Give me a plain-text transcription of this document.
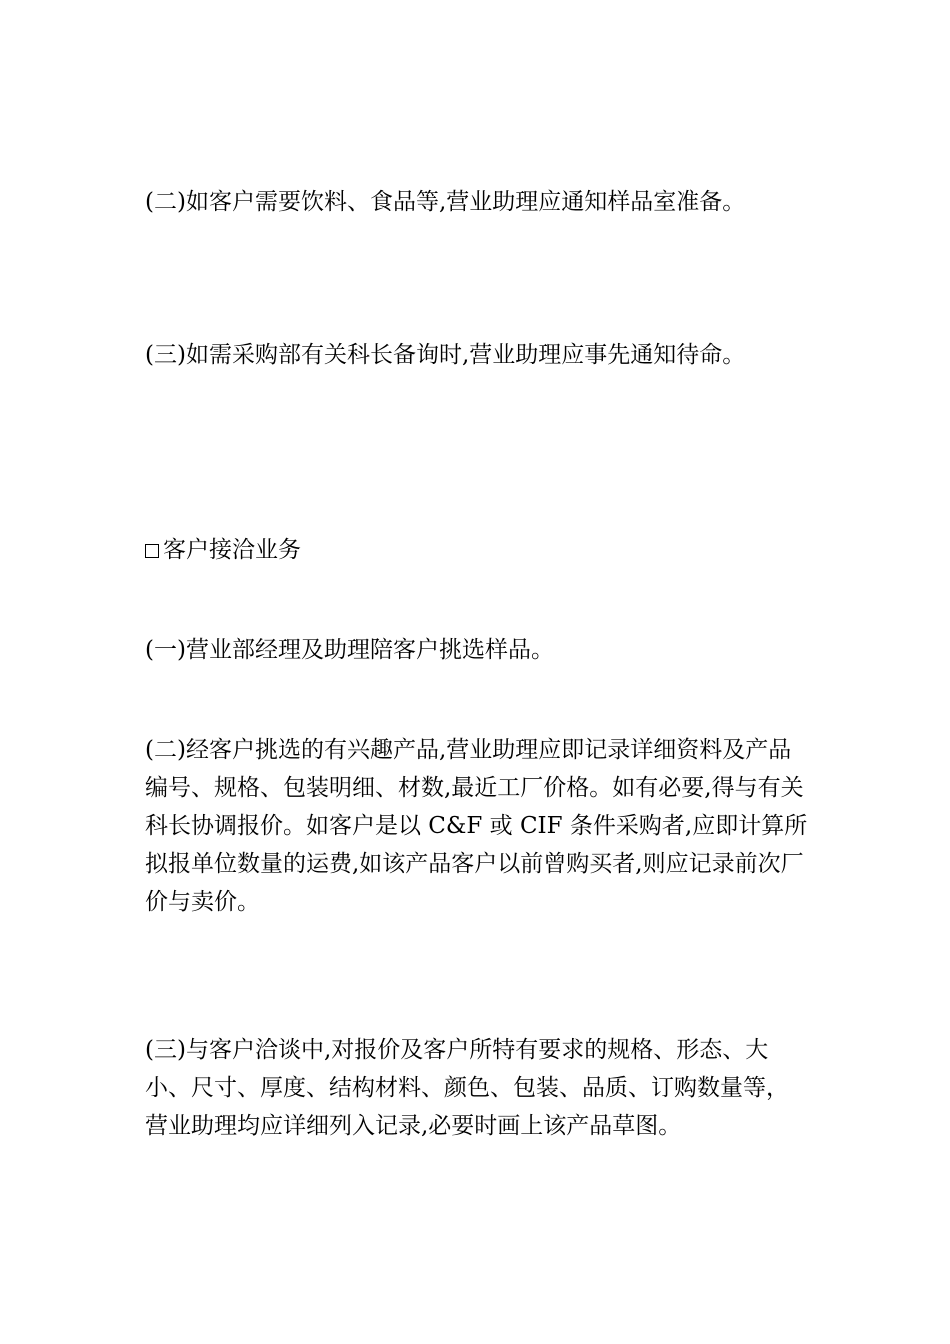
(二)如客户需要饮料、食品等,营业助理应通知样品室准备。

(三)如需采购部有关科长备询时,营业助理应事先通知待命。

客户接洽业务

(一)营业部经理及助理陪客户挑选样品。

(二)经客户挑选的有兴趣产品,营业助理应即记录详细资料及产品编号、规格、包装明细、材数,最近工厂价格。如有必要,得与有关科长协调报价。如客户是以 C&F 或 CIF 条件采购者,应即计算所拟报单位数量的运费,如该产品客户以前曾购买者,则应记录前次厂价与卖价。

(三)与客户洽谈中,对报价及客户所特有要求的规格、形态、大小、尺寸、厚度、结构材料、颜色、包装、品质、订购数量等，营业助理均应详细列入记录,必要时画上该产品草图。
